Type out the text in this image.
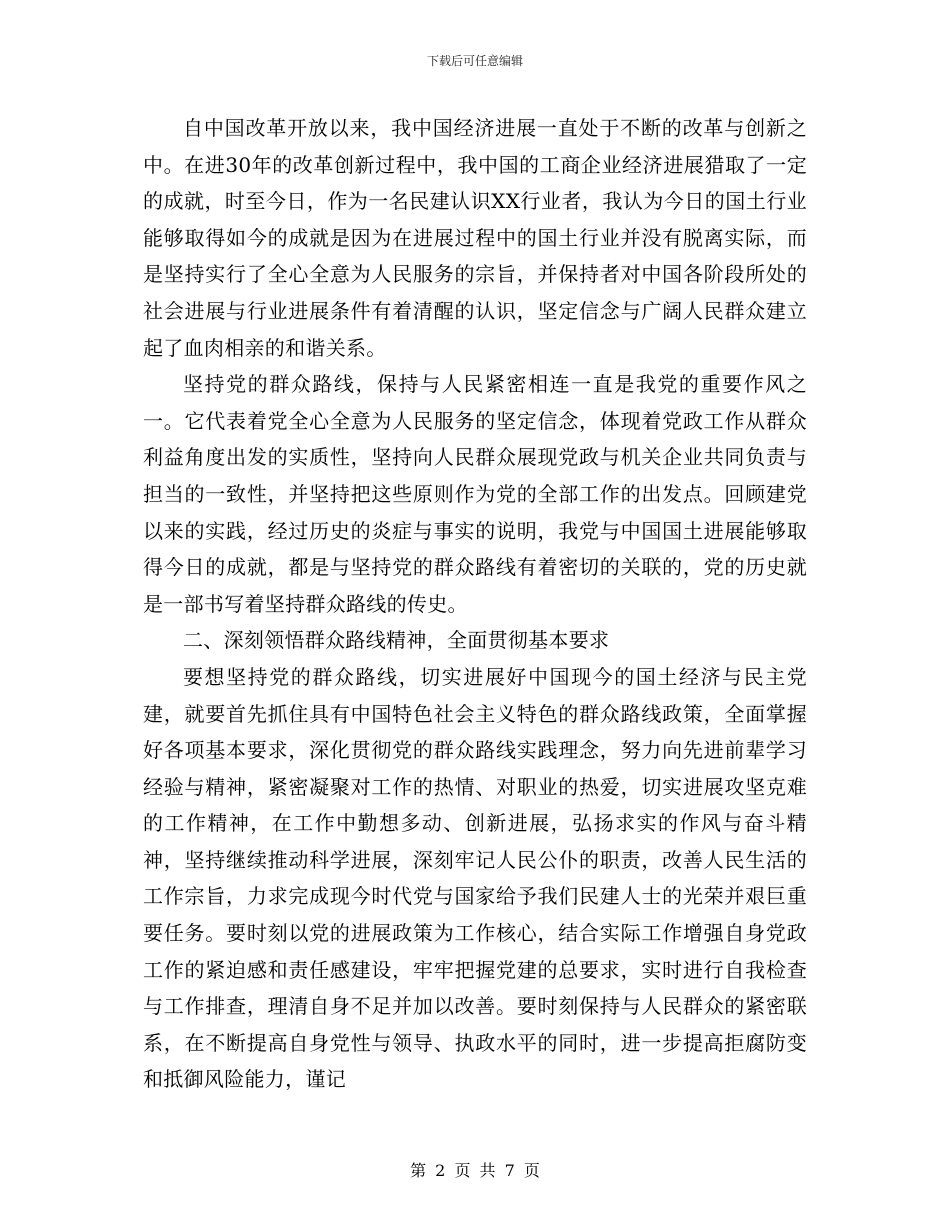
下载后可任意编辑

自中国改革开放以来，我中国经济进展一直处于不断的改革与创新之中。在进30年的改革创新过程中，我中国的工商企业经济进展猎取了一定的成就，时至今日，作为一名民建认识XX行业者，我认为今日的国土行业能够取得如今的成就是因为在进展过程中的国土行业并没有脱离实际，而是坚持实行了全心全意为人民服务的宗旨，并保持者对中国各阶段所处的社会进展与行业进展条件有着清醒的认识，坚定信念与广阔人民群众建立起了血肉相亲的和谐关系。

坚持党的群众路线，保持与人民紧密相连一直是我党的重要作风之一。它代表着党全心全意为人民服务的坚定信念，体现着党政工作从群众利益角度出发的实质性，坚持向人民群众展现党政与机关企业共同负责与担当的一致性，并坚持把这些原则作为党的全部工作的出发点。回顾建党以来的实践，经过历史的炎症与事实的说明，我党与中国国土进展能够取得今日的成就，都是与坚持党的群众路线有着密切的关联的，党的历史就是一部书写着坚持群众路线的传史。

二、深刻领悟群众路线精神，全面贯彻基本要求

要想坚持党的群众路线，切实进展好中国现今的国土经济与民主党建，就要首先抓住具有中国特色社会主义特色的群众路线政策，全面掌握好各项基本要求，深化贯彻党的群众路线实践理念，努力向先进前辈学习经验与精神，紧密凝聚对工作的热情、对职业的热爱，切实进展攻坚克难的工作精神，在工作中勤想多动、创新进展，弘扬求实的作风与奋斗精神，坚持继续推动科学进展，深刻牢记人民公仆的职责，改善人民生活的工作宗旨，力求完成现今时代党与国家给予我们民建人士的光荣并艰巨重要任务。要时刻以党的进展政策为工作核心，结合实际工作增强自身党政工作的紧迫感和责任感建设，牢牢把握党建的总要求，实时进行自我检查与工作排查，理清自身不足并加以改善。要时刻保持与人民群众的紧密联系，在不断提高自身党性与领导、执政水平的同时，进一步提高拒腐防变和抵御风险能力，谨记

第 2 页 共 7 页
